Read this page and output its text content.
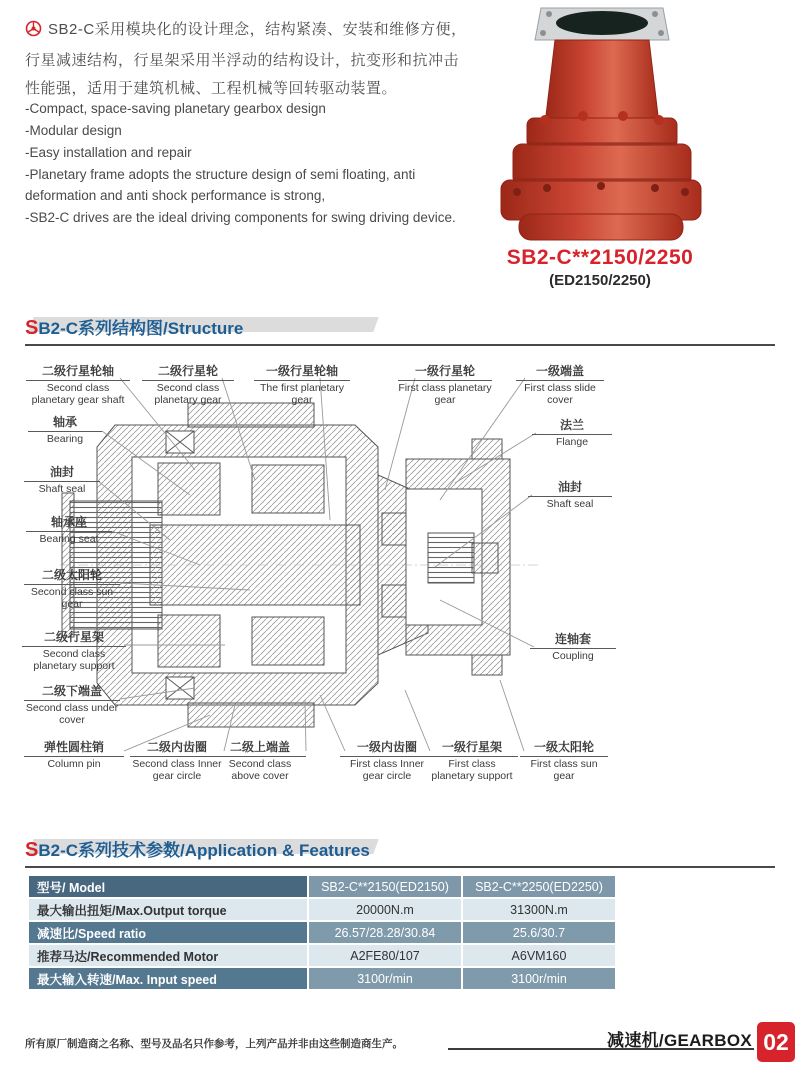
SB2-C采用模块化的设计理念，结构紧凑、安装和维修方便，行星减速结构，行星架采用半浮动的结构设计，抗变形和抗冲击性能强，适用于建筑机械、工程机械等回转驱动装置。
-Compact, space-saving planetary gearbox design
-Modular design
-Easy installation and repair
-Planetary frame adopts the structure design of semi floating, anti deformation and anti shock performance is strong,
-SB2-C drives are the ideal driving components for swing driving device.
SB2-C**2150/2250
(ED2150/2250)
SB2-C系列结构图/Structure
二级行星轮轴
Second class planetary gear shaft
二级行星轮
Second class planetary gear
一级行星轮轴
The first planetary gear
一级行星轮
First class planetary gear
一级端盖
First class slide cover
法兰
Flange
油封
Shaft seal
连轴套
Coupling
轴承
Bearing
油封
Shaft seal
轴承座
Bearing seat
二级太阳轮
Second class sun gear
二级行星架
Second class planetary support
二级下端盖
Second class under cover
弹性圆柱销
Column pin
二级内齿圈
Second class Inner gear circle
二级上端盖
Second class above cover
一级内齿圈
First class Inner gear circle
一级行星架
First class planetary support
一级太阳轮
First class sun gear
SB2-C系列技术参数/Application & Features
型号/ Model	SB2-C**2150(ED2150)	SB2-C**2250(ED2250)
最大输出扭矩/Max.Output torque	20000N.m	31300N.m
减速比/Speed ratio	26.57/28.28/30.84	25.6/30.7
推荐马达/Recommended Motor	A2FE80/107	A6VM160
最大输入转速/Max. Input speed	3100r/min	3100r/min
所有原厂制造商之名称、型号及品名只作参考，上列产品并非由这些制造商生产。	减速机/GEARBOX 02
